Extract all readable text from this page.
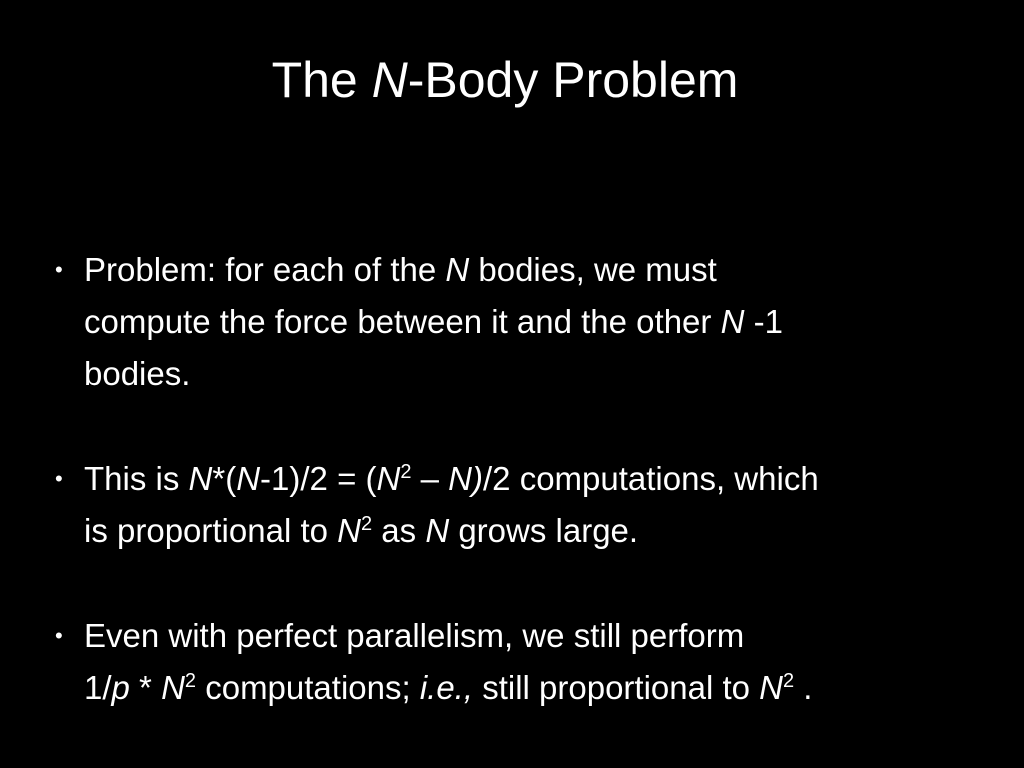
The N-Body Problem
• Problem: for each of the N bodies, we must
compute the force between it and the other N -1
bodies.
• This is $N*(N-1)/2 = (N^2 - N)/2$ computations, which
is proportional to $N^2$ as N grows large.
• Even with perfect parallelism, we still perform
$1/p * N^2$ computations; i.e., still proportional to $N^2$ .
